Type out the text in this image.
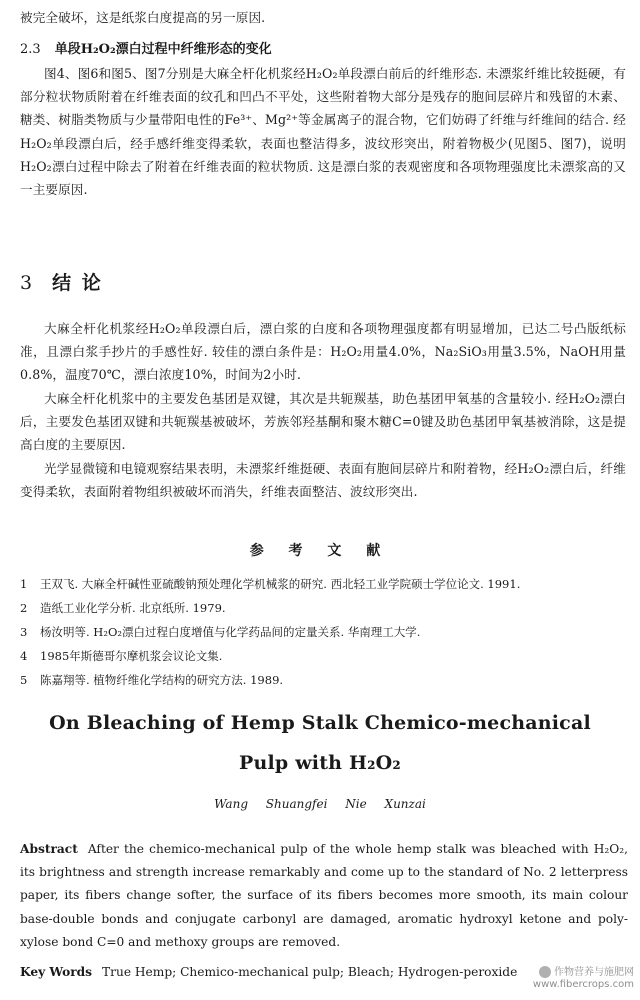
被完全破坏，这是纸浆白度提高的另一原因.
2.3 单段H₂O₂漂白过程中纤维形态的变化
图4、图6和图5、图7分别是大麻全杆化机浆经H₂O₂单段漂白前后的纤维形态. 未漂浆纤维比较挺硬，有部分粒状物质附着在纤维表面的纹孔和凹凸不平处，这些附着物大部分是残存的胞间层碎片和残留的木素、糖类、树脂类物质与少量带阳电性的Fe³⁺、Mg²⁺等金属离子的混合物，它们妨碍了纤维与纤维间的结合. 经H₂O₂单段漂白后，经手感纤维变得柔软，表面也整洁得多，波纹形突出，附着物极少(见图5、图7)，说明H₂O₂漂白过程中除去了附着在纤维表面的粒状物质. 这是漂白浆的表观密度和各项物理强度比未漂浆高的又一主要原因.
3 结 论
大麻全杆化机浆经H₂O₂单段漂白后，漂白浆的白度和各项物理强度都有明显增加，已达二号凸版纸标准，且漂白浆手抄片的手感性好. 较佳的漂白条件是：H₂O₂用量4.0%，Na₂SiO₃用量3.5%，NaOH用量0.8%，温度70℃，漂白浓度10%，时间为2小时.
大麻全杆化机浆中的主要发色基团是双键，其次是共轭羰基，助色基团甲氧基的含量较小. 经H₂O₂漂白后，主要发色基团双键和共轭羰基被破坏，芳族邻羟基酮和聚木糖C=0键及助色基团甲氧基被消除，这是提高白度的主要原因.
光学显微镜和电镜观察结果表明，未漂浆纤维挺硬、表面有胞间层碎片和附着物，经H₂O₂漂白后，纤维变得柔软，表面附着物组织被破坏而消失，纤维表面整洁、波纹形突出.
参 考 文 献
1	王双飞. 大麻全杆碱性亚硫酸钠预处理化学机械浆的研究. 西北轻工业学院硕士学位论文. 1991.
2	造纸工业化学分析. 北京纸所. 1979.
3	杨汝明等. H₂O₂漂白过程白度增值与化学药品间的定量关系. 华南理工大学.
4	1985年斯德哥尔摩机浆会议论文集.
5	陈嘉翔等. 植物纤维化学结构的研究方法. 1989.
On Bleaching of Hemp Stalk Chemico-mechanical
Pulp with H₂O₂
Wang Shuangfei Nie Xunzai
Abstract After the chemico-mechanical pulp of the whole hemp stalk was bleached with H₂O₂, its brightness and strength increase remarkably and come up to the standard of No. 2 letterpress paper, its fibers change softer, the surface of its fibers becomes more smooth, its main colour base-double bonds and conjugate carbonyl are damaged, aromatic hydroxyl ketone and poly-xylose bond C=0 and methoxy groups are removed.
Key Words True Hemp; Chemico-mechanical pulp; Bleach; Hydrogen-peroxide	作物营养与施肥网
www.fibercrops.com
